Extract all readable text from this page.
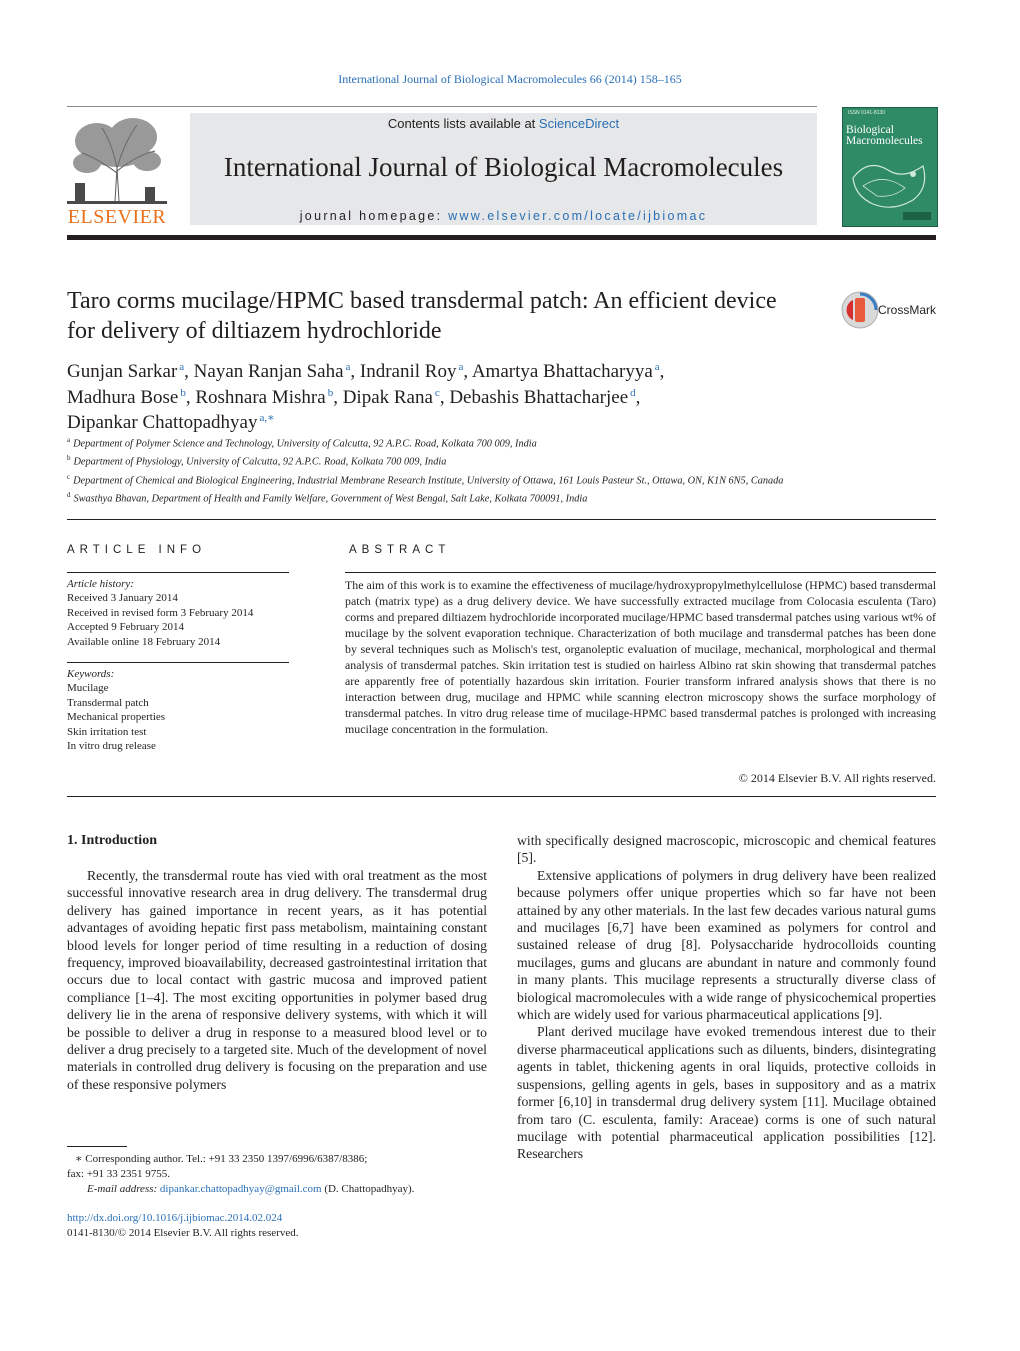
International Journal of Biological Macromolecules 66 (2014) 158–165
ELSEVIER
Contents lists available at ScienceDirect
International Journal of Biological Macromolecules
journal homepage: www.elsevier.com/locate/ijbiomac
ISSN 0141-8130
Biological Macromolecules
Taro corms mucilage/HPMC based transdermal patch: An efficient device for delivery of diltiazem hydrochloride
CrossMark
Gunjan Sarkar $^a$, Nayan Ranjan Saha $^a$, Indranil Roy $^a$, Amartya Bhattacharyya $^a$,
Madhura Bose $^b$, Roshnara Mishra $^b$, Dipak Rana $^c$, Debashis Bhattacharjee $^d$,
Dipankar Chattopadhyay $^{a,∗}$
$^a$ Department of Polymer Science and Technology, University of Calcutta, 92 A.P.C. Road, Kolkata 700 009, India
$^b$ Department of Physiology, University of Calcutta, 92 A.P.C. Road, Kolkata 700 009, India
$^c$ Department of Chemical and Biological Engineering, Industrial Membrane Research Institute, University of Ottawa, 161 Louis Pasteur St., Ottawa, ON, K1N 6N5, Canada
$^d$ Swasthya Bhavan, Department of Health and Family Welfare, Government of West Bengal, Salt Lake, Kolkata 700091, India
ARTICLE INFO
Article history:
Received 3 January 2014
Received in revised form 3 February 2014
Accepted 9 February 2014
Available online 18 February 2014
Keywords:
Mucilage
Transdermal patch
Mechanical properties
Skin irritation test
In vitro drug release
ABSTRACT
The aim of this work is to examine the effectiveness of mucilage/hydroxypropylmethylcellulose (HPMC) based transdermal patch (matrix type) as a drug delivery device. We have successfully extracted mucilage from Colocasia esculenta (Taro) corms and prepared diltiazem hydrochloride incorporated mucilage/HPMC based transdermal patches using various wt% of mucilage by the solvent evaporation technique. Characterization of both mucilage and transdermal patches has been done by several techniques such as Molisch's test, organoleptic evaluation of mucilage, mechanical, morphological and thermal analysis of transdermal patches. Skin irritation test is studied on hairless Albino rat skin showing that transdermal patches are apparently free of potentially hazardous skin irritation. Fourier transform infrared analysis shows that there is no interaction between drug, mucilage and HPMC while scanning electron microscopy shows the surface morphology of transdermal patches. In vitro drug release time of mucilage-HPMC based transdermal patches is prolonged with increasing mucilage concentration in the formulation.
© 2014 Elsevier B.V. All rights reserved.
1. Introduction

Recently, the transdermal route has vied with oral treatment as the most successful innovative research area in drug delivery. The transdermal drug delivery has gained importance in recent years, as it has potential advantages of avoiding hepatic first pass metabolism, maintaining constant blood levels for longer period of time resulting in a reduction of dosing frequency, improved bioavailability, decreased gastrointestinal irritation that occurs due to local contact with gastric mucosa and improved patient compliance [1–4]. The most exciting opportunities in polymer based drug delivery lie in the arena of responsive delivery systems, with which it will be possible to deliver a drug in response to a measured blood level or to deliver a drug precisely to a targeted site. Much of the development of novel materials in controlled drug delivery is focusing on the preparation and use of these responsive polymers

with specifically designed macroscopic, microscopic and chemical features [5].

Extensive applications of polymers in drug delivery have been realized because polymers offer unique properties which so far have not been attained by any other materials. In the last few decades various natural gums and mucilages [6,7] have been examined as polymers for control and sustained release of drug [8]. Polysaccharide hydrocolloids counting mucilages, gums and glucans are abundant in nature and commonly found in many plants. This mucilage represents a structurally diverse class of biological macromolecules with a wide range of physicochemical properties which are widely used for various pharmaceutical applications [9].

Plant derived mucilage have evoked tremendous interest due to their diverse pharmaceutical applications such as diluents, binders, disintegrating agents in tablet, thickening agents in oral liquids, protective colloids in suspensions, gelling agents in gels, bases in suppository and as a matrix former [6,10] in transdermal drug delivery system [11]. Mucilage obtained from taro (C. esculenta, family: Araceae) corms is one of such natural mucilage with potential pharmaceutical application possibilities [12]. Researchers

∗ Corresponding author. Tel.: +91 33 2350 1397/6996/6387/8386;
fax: +91 33 2351 9755.
E-mail address: dipankar.chattopadhyay@gmail.com (D. Chattopadhyay).
http://dx.doi.org/10.1016/j.ijbiomac.2014.02.024
0141-8130/© 2014 Elsevier B.V. All rights reserved.
